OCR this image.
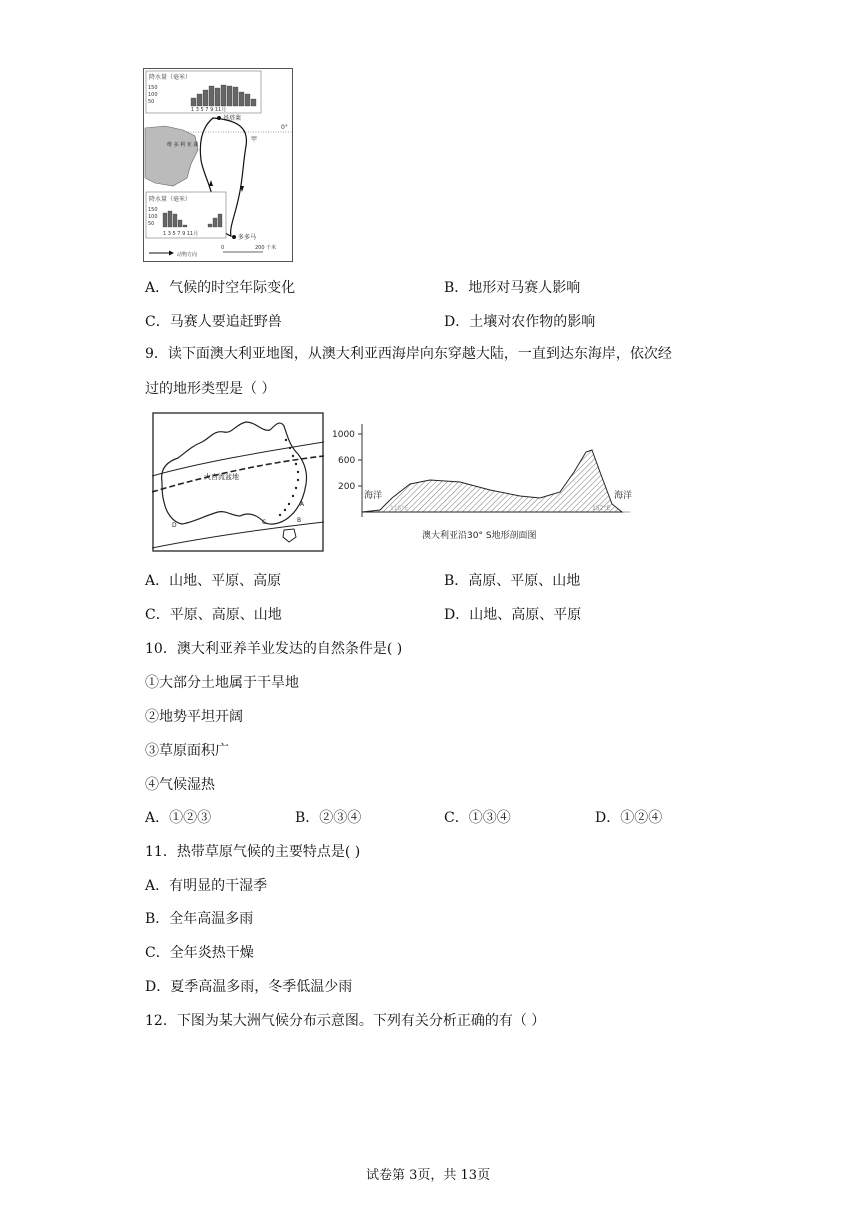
降水量（毫米）
150
100
50
1 3 5 7 9 11月
维 多 利 亚 湖
0°
基塔莱
甲
降水量（毫米）
150
100
50
1 3 5 7 9 11月	多多马
动物方向
0	200 千米
A．气候的时空年际变化	B．地形对马赛人影响
C．马赛人要追赶野兽	D．土壤对农作物的影响
9．读下面澳大利亚地图，从澳大利亚西海岸向东穿越大陆，一直到达东海岸，依次经
过的地形类型是（ ）
大自流盆地
A
B
C
D
1000
600
200
海洋	海洋
115°E	152°E
澳大利亚沿30° S地形剖面图
A．山地、平原、高原	B．高原、平原、山地
C．平原、高原、山地	D．山地、高原、平原
10．澳大利亚养羊业发达的自然条件是( )
①大部分土地属于干旱地
②地势平坦开阔
③草原面积广
④气候湿热
A．①②③	B．②③④	C．①③④	D．①②④
11．热带草原气候的主要特点是( )
A．有明显的干湿季
B．全年高温多雨
C．全年炎热干燥
D．夏季高温多雨，冬季低温少雨
12．下图为某大洲气候分布示意图。下列有关分析正确的有（ ）
试卷第 3页，共 13页
